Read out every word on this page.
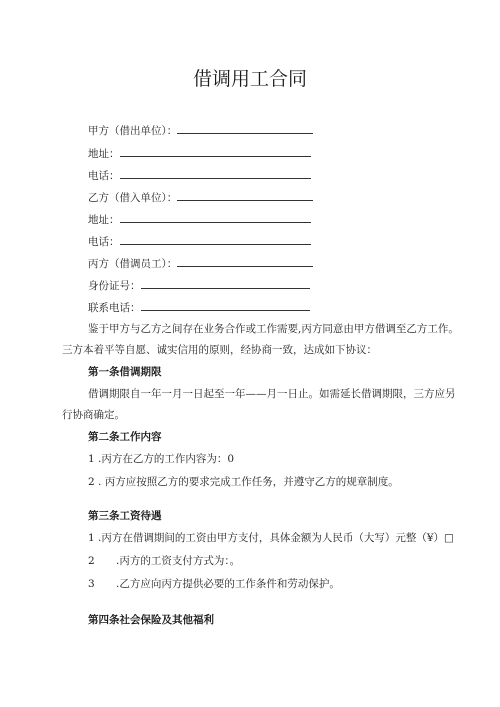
借调用工合同
甲方（借出单位）：
地址：
电话：
乙方（借入单位）：
地址：
电话：
丙方（借调员工）：
身份证号：
联系电话：
鉴于甲方与乙方之间存在业务合作或工作需要,丙方同意由甲方借调至乙方工作。
三方本着平等自愿、诚实信用的原则，经协商一致，达成如下协议：
第一条借调期限
借调期限自一年一月一日起至一年——月一日止。如需延长借调期限，三方应另
行协商确定。
第二条工作内容
1 .丙方在乙方的工作内容为：0
2 . 丙方应按照乙方的要求完成工作任务，并遵守乙方的规章制度。
第三条工资待遇
1 .丙方在借调期间的工资由甲方支付，具体金额为人民币（大写）元整（¥）□
2 .丙方的工资支付方式为：。
3 .乙方应向丙方提供必要的工作条件和劳动保护。
第四条社会保险及其他福利
